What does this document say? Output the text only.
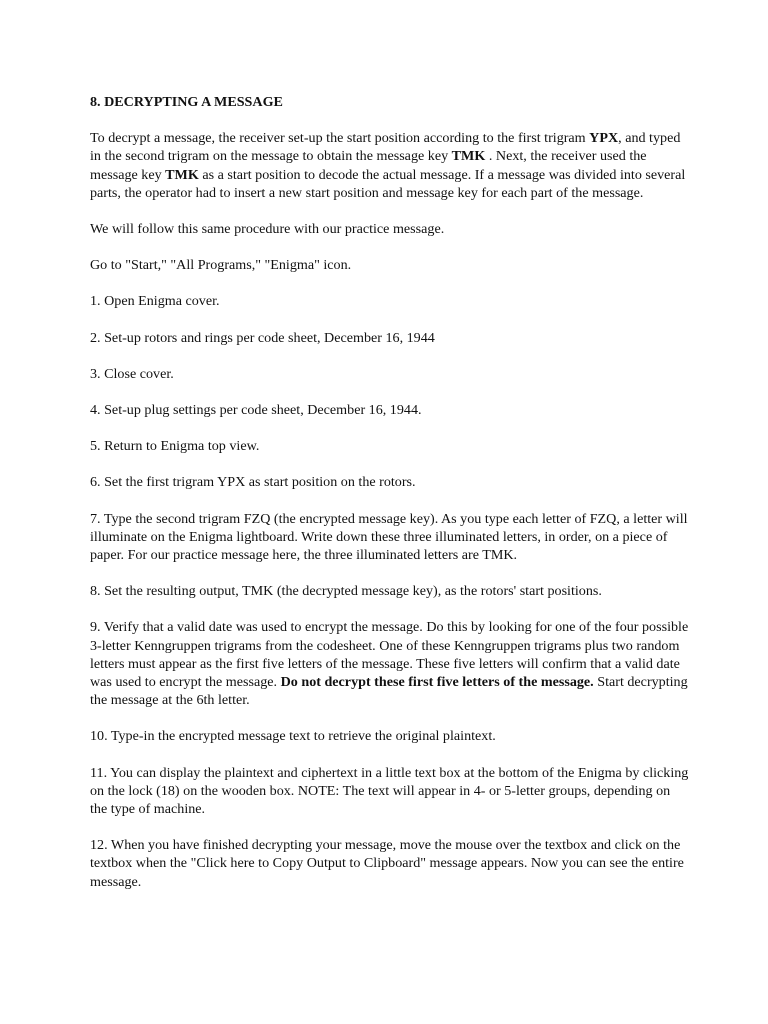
8. DECRYPTING A MESSAGE

To decrypt a message, the receiver set-up the start position according to the first trigram YPX, and typed in the second trigram on the message to obtain the message key TMK . Next, the receiver used the message key TMK as a start position to decode the actual message. If a message was divided into several parts, the operator had to insert a new start position and message key for each part of the message.

We will follow this same procedure with our practice message.

Go to "Start," "All Programs," "Enigma" icon.

1. Open Enigma cover.

2. Set-up rotors and rings per code sheet, December 16, 1944

3. Close cover.

4. Set-up plug settings per code sheet, December 16, 1944.

5. Return to Enigma top view.

6. Set the first trigram YPX as start position on the rotors.

7. Type the second trigram FZQ (the encrypted message key). As you type each letter of FZQ, a letter will illuminate on the Enigma lightboard. Write down these three illuminated letters, in order, on a piece of paper. For our practice message here, the three illuminated letters are TMK.

8. Set the resulting output, TMK (the decrypted message key), as the rotors' start positions.

9. Verify that a valid date was used to encrypt the message. Do this by looking for one of the four possible 3-letter Kenngruppen trigrams from the codesheet. One of these Kenngruppen trigrams plus two random letters must appear as the first five letters of the message. These five letters will confirm that a valid date was used to encrypt the message. Do not decrypt these first five letters of the message. Start decrypting the message at the 6th letter.

10. Type-in the encrypted message text to retrieve the original plaintext.

11. You can display the plaintext and ciphertext in a little text box at the bottom of the Enigma by clicking on the lock (18) on the wooden box. NOTE: The text will appear in 4- or 5-letter groups, depending on the type of machine.

12. When you have finished decrypting your message, move the mouse over the textbox and click on the textbox when the "Click here to Copy Output to Clipboard" message appears. Now you can see the entire message.
